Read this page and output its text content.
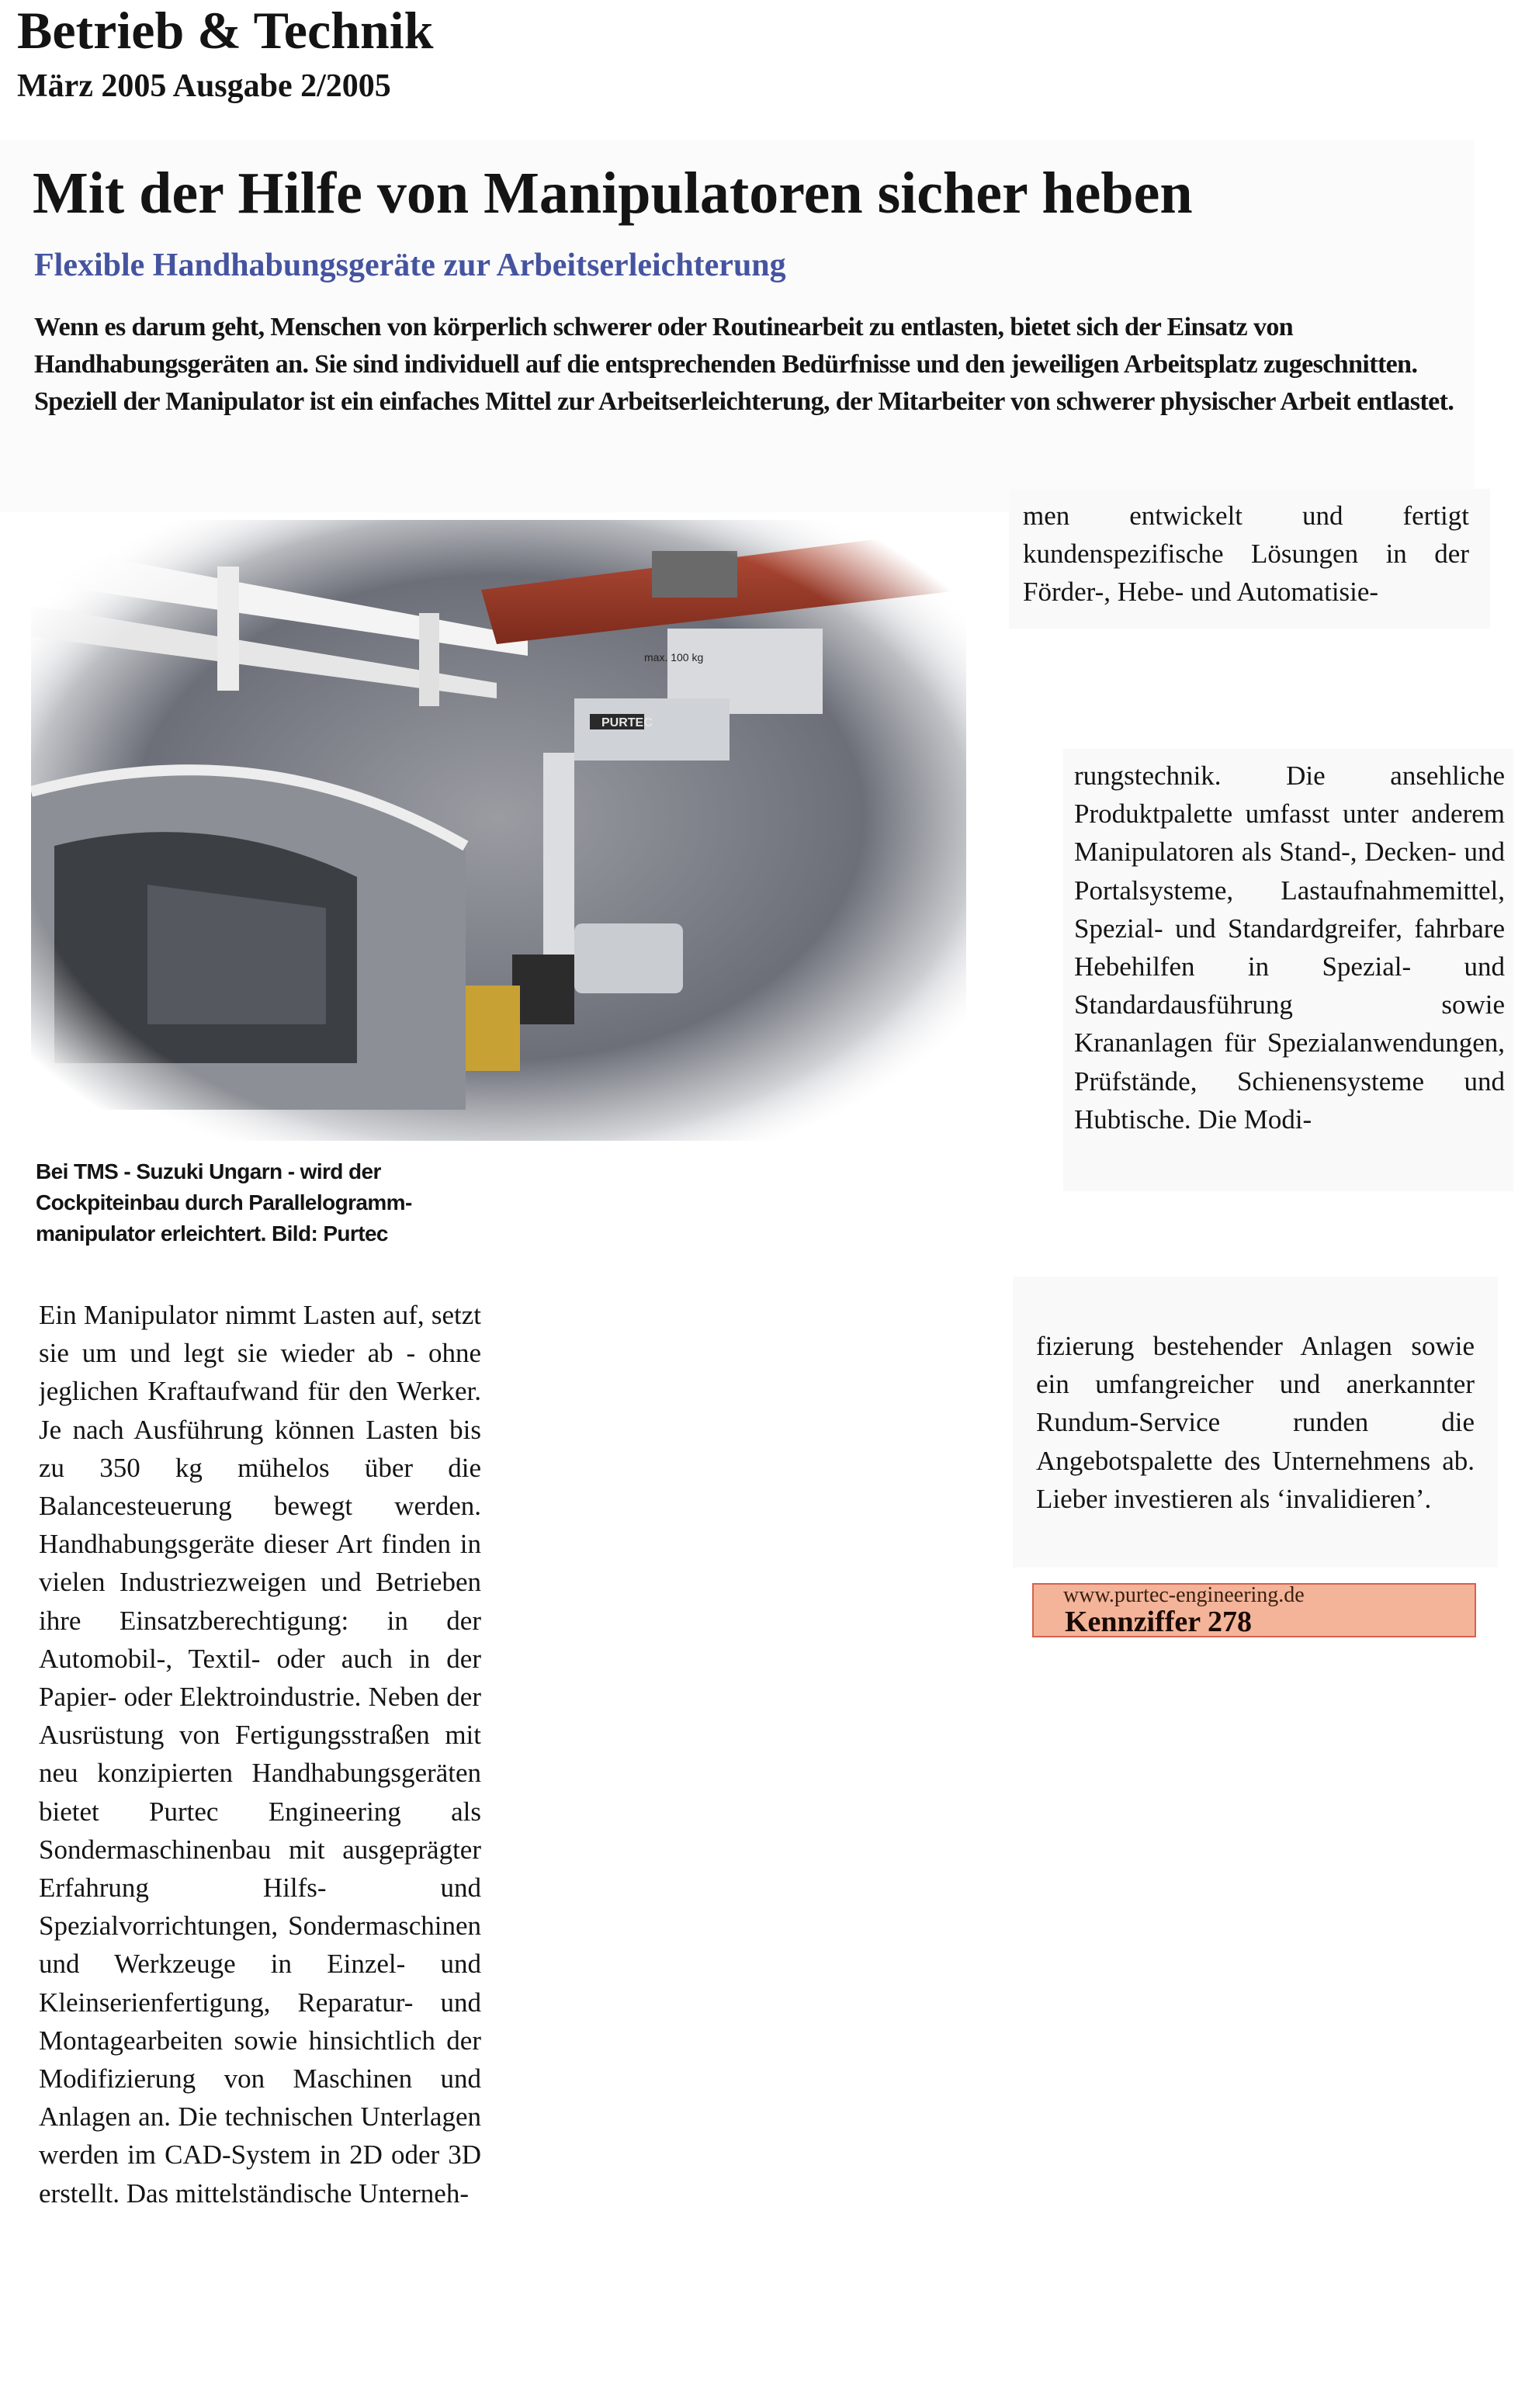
Betrieb & Technik
März 2005 Ausgabe 2/2005
Mit der Hilfe von Manipulatoren sicher heben
Flexible Handhabungsgeräte zur Arbeitserleichterung

Wenn es darum geht, Menschen von körperlich schwerer oder Routinearbeit zu entlasten, bietet sich der Einsatz von Handhabungsgeräten an. Sie sind individuell auf die entsprechenden Bedürfnisse und den jeweiligen Arbeitsplatz zugeschnitten. Speziell der Manipulator ist ein einfaches Mittel zur Arbeitserleichterung, der Mitarbeiter von schwerer physischer Arbeit entlastet.

max. 100 kg
PURTEC

Bei TMS - Suzuki Ungarn - wird der Cockpiteinbau durch Parallelogramm-manipulator erleichtert. Bild: Purtec

Ein Manipulator nimmt Lasten auf, setzt sie um und legt sie wieder ab - ohne jeglichen Kraftaufwand für den Werker. Je nach Ausführung können Lasten bis zu 350 kg mühelos über die Balancesteuerung bewegt werden. Handhabungsgeräte dieser Art finden in vielen Industriezweigen und Betrieben ihre Einsatzberechtigung: in der Automobil-, Textil- oder auch in der Papier- oder Elektroindustrie. Neben der Ausrüstung von Fertigungsstraßen mit neu konzipierten Handhabungsgeräten bietet Purtec Engineering als Sondermaschinenbau mit ausgeprägter Erfahrung Hilfs- und Spezialvorrichtungen, Sondermaschinen und Werkzeuge in Einzel- und Kleinserienfertigung, Reparatur- und Montagearbeiten sowie hinsichtlich der Modifizierung von Maschinen und Anlagen an. Die technischen Unterlagen werden im CAD-System in 2D oder 3D erstellt. Das mittelständische Unterneh-

men entwickelt und fertigt kundenspezifische Lösungen in der Förder-, Hebe- und Automatisie-

rungstechnik. Die ansehliche Produktpalette umfasst unter anderem Manipulatoren als Stand-, Decken- und Portalsysteme, Lastaufnahmemittel, Spezial- und Standardgreifer, fahrbare Hebehilfen in Spezial- und Standardausführung sowie Krananlagen für Spezialanwendungen, Prüfstände, Schienensysteme und Hubtische. Die Modi-

fizierung bestehender Anlagen sowie ein umfangreicher und anerkannter Rundum-Service runden die Angebotspalette des Unternehmens ab. Lieber investieren als ‘invalidieren’.

www.purtec-engineering.de
Kennziffer 278
